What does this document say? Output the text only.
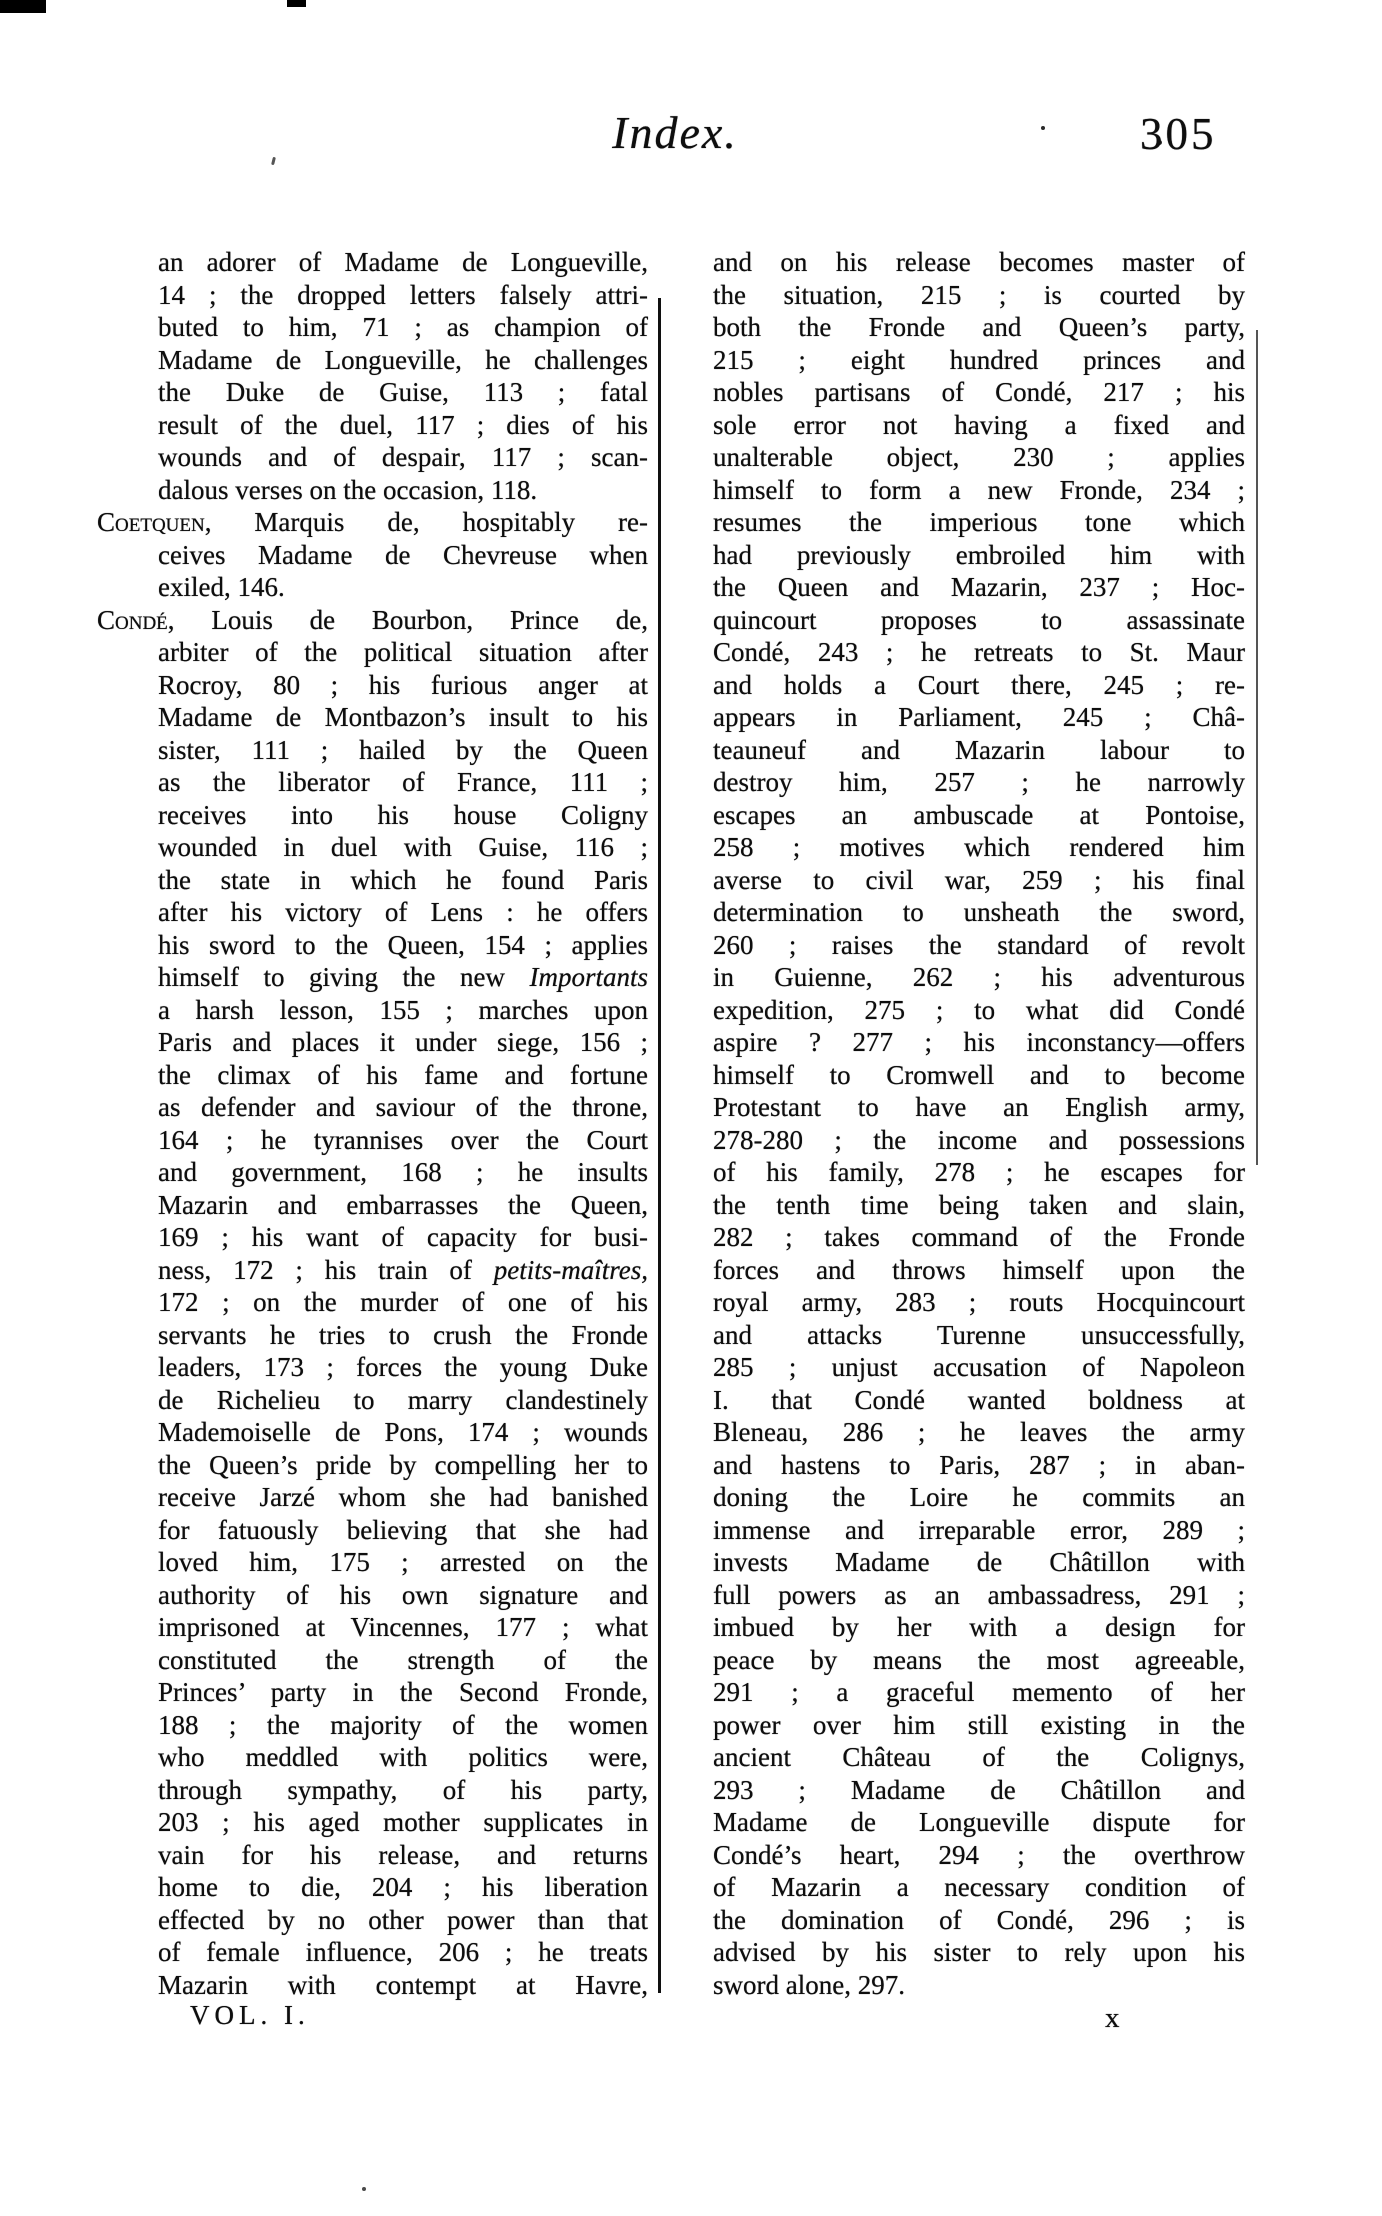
Index.	305
an adorer of Madame de Longueville,
14 ; the dropped letters falsely attri-
buted to him, 71 ; as champion of
Madame de Longueville, he challenges
the Duke de Guise, 113 ; fatal
result of the duel, 117 ; dies of his
wounds and of despair, 117 ; scan-
dalous verses on the occasion, 118.
Coetquen, Marquis de, hospitably re-
ceives Madame de Chevreuse when
exiled, 146.
Condé, Louis de Bourbon, Prince de,
arbiter of the political situation after
Rocroy, 80 ; his furious anger at
Madame de Montbazon’s insult to his
sister, 111 ; hailed by the Queen
as the liberator of France, 111 ;
receives into his house Coligny
wounded in duel with Guise, 116 ;
the state in which he found Paris
after his victory of Lens : he offers
his sword to the Queen, 154 ; applies
himself to giving the new Importants
a harsh lesson, 155 ; marches upon
Paris and places it under siege, 156 ;
the climax of his fame and fortune
as defender and saviour of the throne,
164 ; he tyrannises over the Court
and government, 168 ; he insults
Mazarin and embarrasses the Queen,
169 ; his want of capacity for busi-
ness, 172 ; his train of petits-maîtres,
172 ; on the murder of one of his
servants he tries to crush the Fronde
leaders, 173 ; forces the young Duke
de Richelieu to marry clandestinely
Mademoiselle de Pons, 174 ; wounds
the Queen’s pride by compelling her to
receive Jarzé whom she had banished
for fatuously believing that she had
loved him, 175 ; arrested on the
authority of his own signature and
imprisoned at Vincennes, 177 ; what
constituted the strength of the
Princes’ party in the Second Fronde,
188 ; the majority of the women
who meddled with politics were,
through sympathy, of his party,
203 ; his aged mother supplicates in
vain for his release, and returns
home to die, 204 ; his liberation
effected by no other power than that
of female influence, 206 ; he treats
Mazarin with contempt at Havre,
and on his release becomes master of
the situation, 215 ; is courted by
both the Fronde and Queen’s party,
215 ; eight hundred princes and
nobles partisans of Condé, 217 ; his
sole error not having a fixed and
unalterable object, 230 ; applies
himself to form a new Fronde, 234 ;
resumes the imperious tone which
had previously embroiled him with
the Queen and Mazarin, 237 ; Hoc-
quincourt proposes to assassinate
Condé, 243 ; he retreats to St. Maur
and holds a Court there, 245 ; re-
appears in Parliament, 245 ; Châ-
teauneuf and Mazarin labour to
destroy him, 257 ; he narrowly
escapes an ambuscade at Pontoise,
258 ; motives which rendered him
averse to civil war, 259 ; his final
determination to unsheath the sword,
260 ; raises the standard of revolt
in Guienne, 262 ; his adventurous
expedition, 275 ; to what did Condé
aspire ? 277 ; his inconstancy—offers
himself to Cromwell and to become
Protestant to have an English army,
278-280 ; the income and possessions
of his family, 278 ; he escapes for
the tenth time being taken and slain,
282 ; takes command of the Fronde
forces and throws himself upon the
royal army, 283 ; routs Hocquincourt
and attacks Turenne unsuccessfully,
285 ; unjust accusation of Napoleon
I. that Condé wanted boldness at
Bleneau, 286 ; he leaves the army
and hastens to Paris, 287 ; in aban-
doning the Loire he commits an
immense and irreparable error, 289 ;
invests Madame de Châtillon with
full powers as an ambassadress, 291 ;
imbued by her with a design for
peace by means the most agreeable,
291 ; a graceful memento of her
power over him still existing in the
ancient Château of the Colignys,
293 ; Madame de Châtillon and
Madame de Longueville dispute for
Condé’s heart, 294 ; the overthrow
of Mazarin a necessary condition of
the domination of Condé, 296 ; is
advised by his sister to rely upon his
sword alone, 297.
VOL. I.	x
